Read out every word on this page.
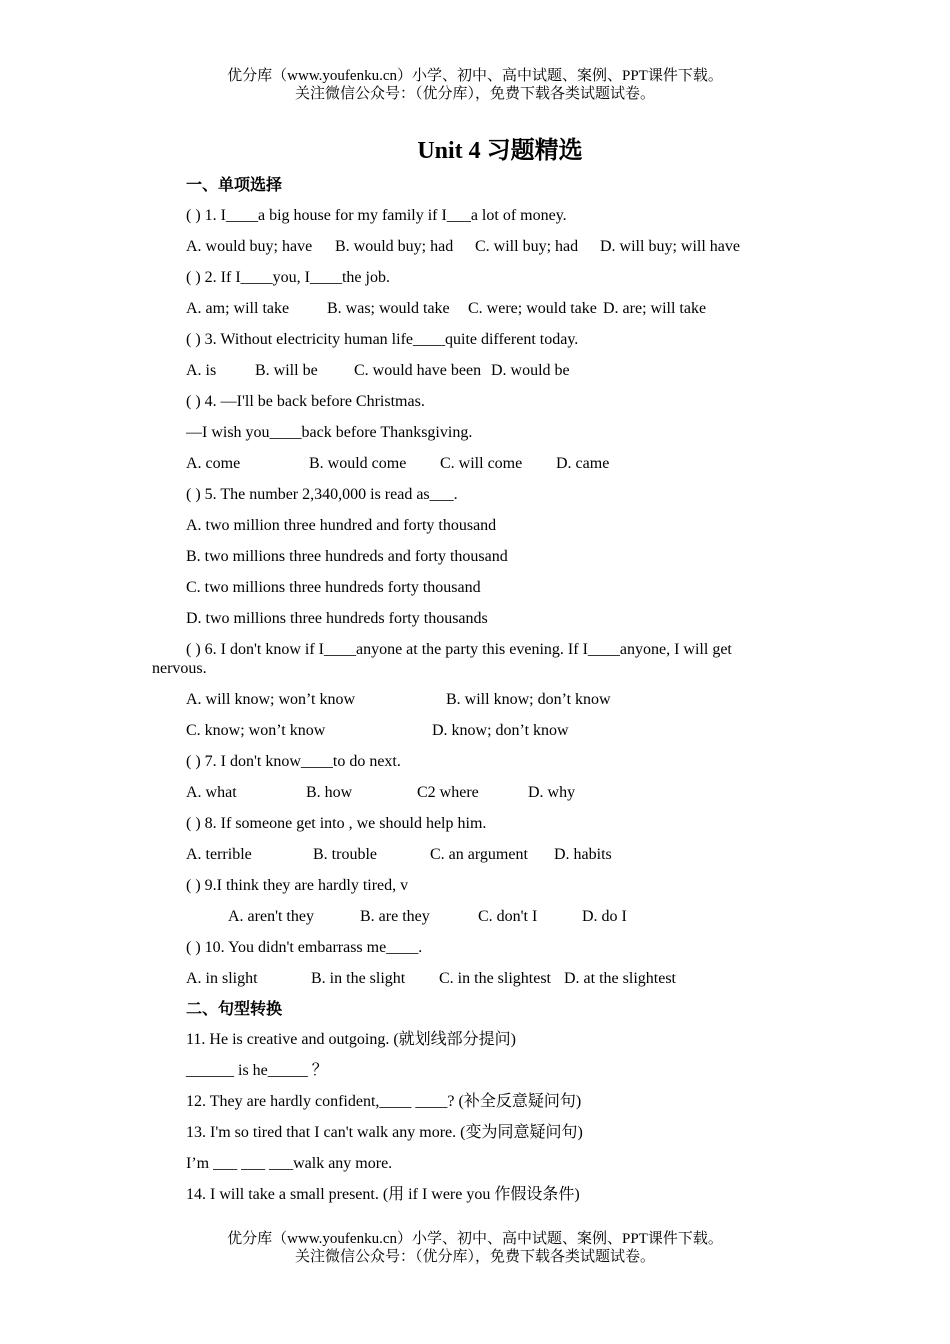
优分库（www.youfenku.cn）小学、初中、高中试题、案例、PPT课件下载。
关注微信公众号：（优分库），免费下载各类试题试卷。
Unit 4 习题精选
一、单项选择
( ) 1. I____a big house for my family if I___a lot of money.
A. would buy; have B. would buy; had C. will buy; had D. will buy; will have
( ) 2. If I____you, I____the job.
A. am; will take B. was; would take C. were; would take D. are; will take
( ) 3. Without electricity human life____quite different today.
A. is B. will be C. would have been D. would be
( ) 4. —I'll be back before Christmas.
—I wish you____back before Thanksgiving.
A. come	B. would come C. will come D. came
( ) 5. The number 2,340,000 is read as___.
A. two million three hundred and forty thousand
B. two millions three hundreds and forty thousand
C. two millions three hundreds forty thousand
D. two millions three hundreds forty thousands
( ) 6. I don't know if I____anyone at the party this evening. If I____anyone, I will get
nervous.
A. will know; won’t know	B. will know; don’t know
C. know; won’t know	D. know; don’t know
( ) 7. I don't know____to do next.
A. what	B. how	C2 where	D. why
( ) 8. If someone get into , we should help him.
A. terrible	B. trouble	C. an argument D. habits
( ) 9.I think they are hardly tired, v
A. aren't they	B. are they	C. don't I	D. do I
( ) 10. You didn't embarrass me____.
A. in slight	B. in the slight C. in the slightest D. at the slightest
二、句型转换
11. He is creative and outgoing. (就划线部分提问)
______ is he_____ ？
12. They are hardly confident,____ ____? (补全反意疑问句)
13. I'm so tired that I can't walk any more. (变为同意疑问句)
I’m ___ ___ ___walk any more.
14. I will take a small present. (用 if I were you 作假设条件)
优分库（www.youfenku.cn）小学、初中、高中试题、案例、PPT课件下载。
关注微信公众号：（优分库），免费下载各类试题试卷。
